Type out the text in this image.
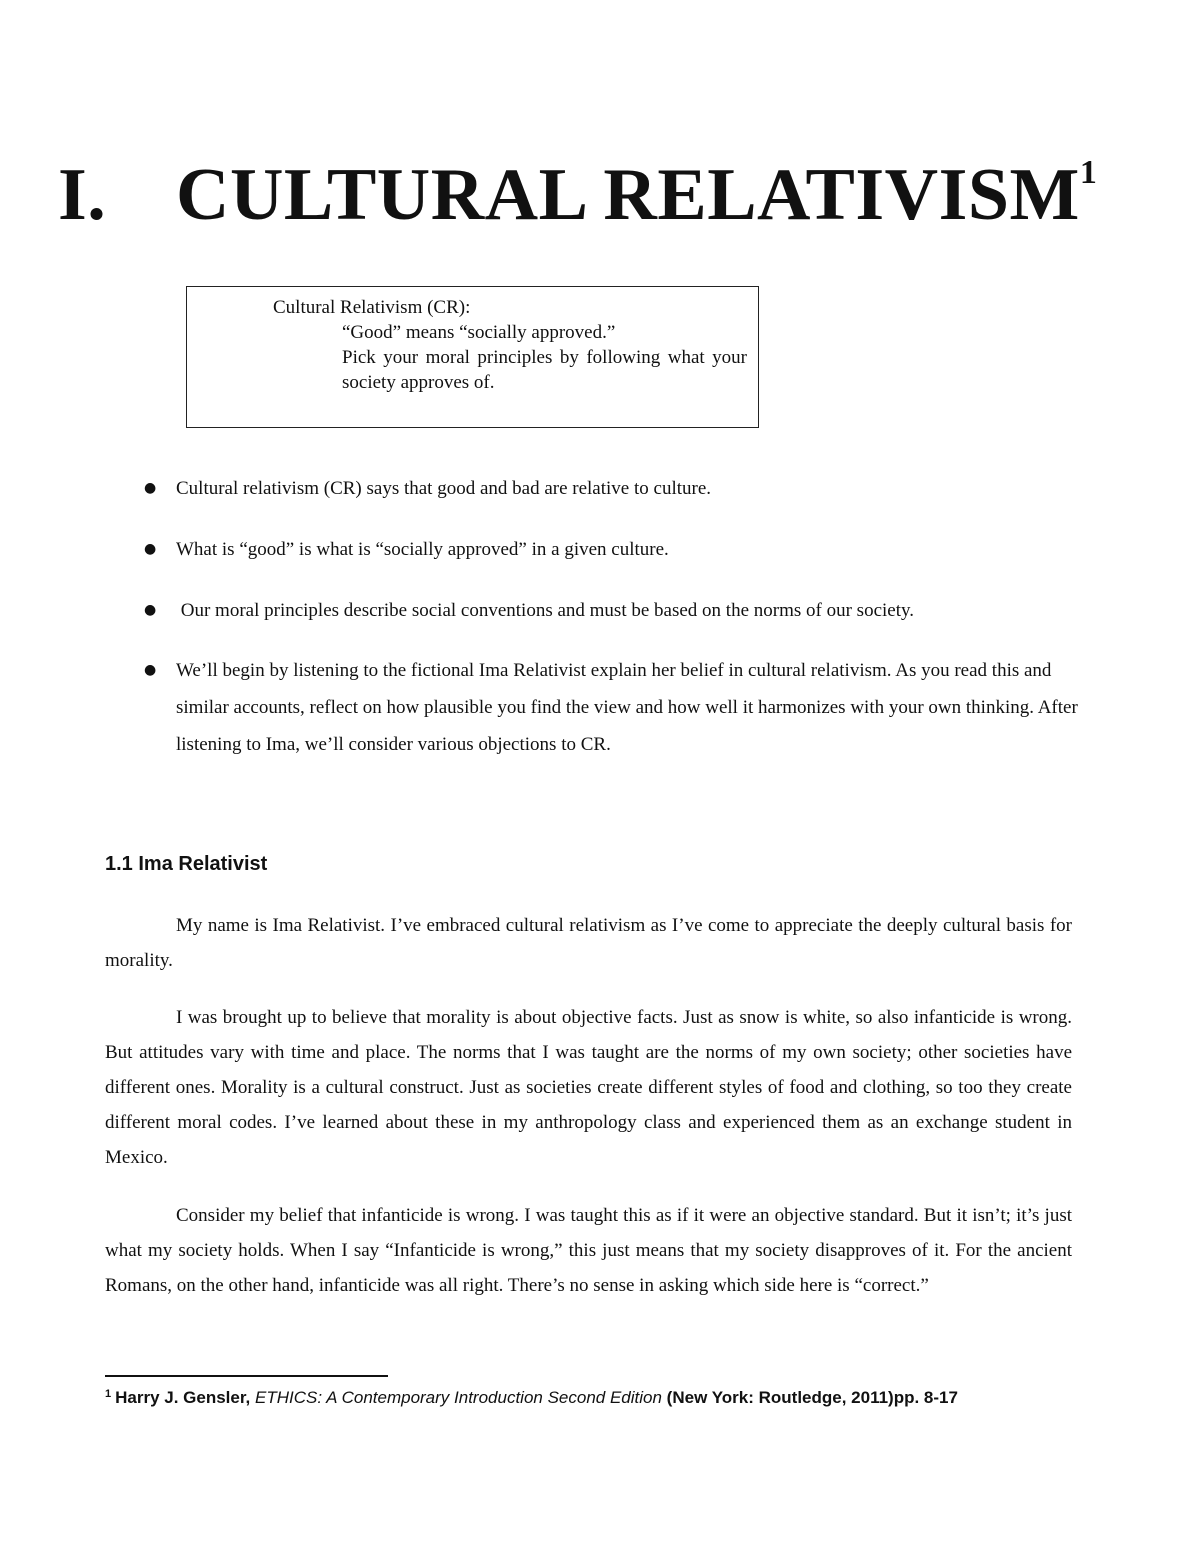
I. CULTURAL RELATIVISM$^1$
Cultural Relativism (CR):
“Good” means “socially approved.”
Pick your moral principles by following what your society approves of.
● Cultural relativism (CR) says that good and bad are relative to culture.
● What is “good” is what is “socially approved” in a given culture.
● Our moral principles describe social conventions and must be based on the norms of our society.
● We’ll begin by listening to the fictional Ima Relativist explain her belief in cultural relativism. As you read this and similar accounts, reflect on how plausible you find the view and how well it harmonizes with your own thinking. After listening to Ima, we’ll consider various objections to CR.
1.1 Ima Relativist

My name is Ima Relativist. I’ve embraced cultural relativism as I’ve come to appreciate the deeply cultural basis for morality.

I was brought up to believe that morality is about objective facts. Just as snow is white, so also infanticide is wrong. But attitudes vary with time and place. The norms that I was taught are the norms of my own society; other societies have different ones. Morality is a cultural construct. Just as societies create different styles of food and clothing, so too they create different moral codes. I’ve learned about these in my anthropology class and experienced them as an exchange student in Mexico.

Consider my belief that infanticide is wrong. I was taught this as if it were an objective standard. But it isn’t; it’s just what my society holds. When I say “Infanticide is wrong,” this just means that my society disapproves of it. For the ancient Romans, on the other hand, infanticide was all right. There’s no sense in asking which side here is “correct.”

$^1$ Harry J. Gensler, ETHICS: A Contemporary Introduction Second Edition (New York: Routledge, 2011)pp. 8-17
